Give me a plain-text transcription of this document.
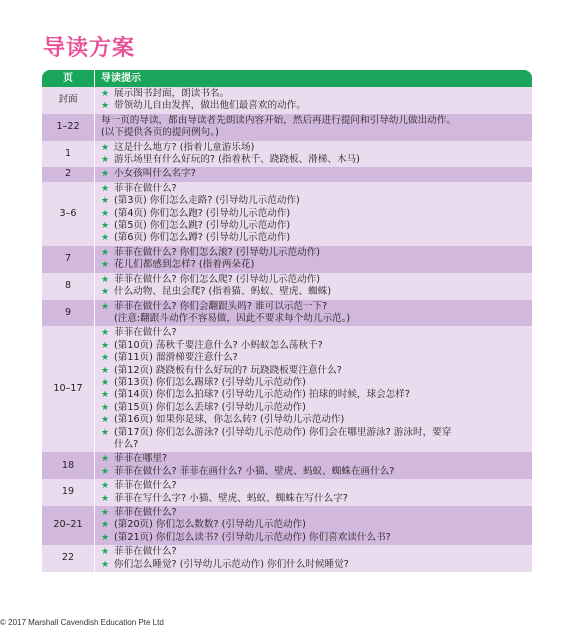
导读方案
页	导读提示
封面
★ 展示图书封面，朗读书名。
★ 带领幼儿自由发挥，做出他们最喜欢的动作。
1–22
每一页的导读，都由导读者先朗读内容开始，然后再进行提问和引导幼儿做出动作。
(以下提供各页的提问例句。)
1
★ 这是什么地方? (指着儿童游乐场)
★ 游乐场里有什么好玩的? (指着秋千、跷跷板、滑梯、木马)
2	★ 小女孩叫什么名字?
3–6
★ 菲菲在做什么?
★ (第3页) 你们怎么走路? (引导幼儿示范动作)
★ (第4页) 你们怎么跑? (引导幼儿示范动作)
★ (第5页) 你们怎么跳? (引导幼儿示范动作)
★ (第6页) 你们怎么蹲? (引导幼儿示范动作)
7
★ 菲菲在做什么? 你们怎么滚? (引导幼儿示范动作)
★ 花儿们都感到怎样? (指着两朵花)
8
★ 菲菲在做什么? 你们怎么爬? (引导幼儿示范动作)
★ 什么动物、昆虫会爬? (指着猫、蚂蚁、壁虎、蜘蛛)
9
★ 菲菲在做什么? 你们会翻跟头吗? 谁可以示范一下?
(注意:翻跟斗动作不容易做，因此不要求每个幼儿示范。)
10–17
★ 菲菲在做什么?
★ (第10页) 荡秋千要注意什么? 小蚂蚁怎么荡秋千?
★ (第11页) 溜滑梯要注意什么?
★ (第12页) 跷跷板有什么好玩的? 玩跷跷板要注意什么?
★ (第13页) 你们怎么踢球? (引导幼儿示范动作)
★ (第14页) 你们怎么拍球? (引导幼儿示范动作) 拍球的时候，球会怎样?
★ (第15页) 你们怎么丢球? (引导幼儿示范动作)
★ (第16页) 如果你是球，你怎么转? (引导幼儿示范动作)
★ (第17页) 你们怎么游泳? (引导幼儿示范动作) 你们会在哪里游泳? 游泳时，要穿
什么?
18
★ 菲菲在哪里?
★ 菲菲在做什么? 菲菲在画什么? 小猫、壁虎、蚂蚁、蜘蛛在画什么?
19
★ 菲菲在做什么?
★ 菲菲在写什么字? 小猫、壁虎、蚂蚁、蜘蛛在写什么字?
20–21
★ 菲菲在做什么?
★ (第20页) 你们怎么数数? (引导幼儿示范动作)
★ (第21页) 你们怎么读书? (引导幼儿示范动作) 你们喜欢读什么书?
22
★ 菲菲在做什么?
★ 你们怎么睡觉? (引导幼儿示范动作) 你们什么时候睡觉?
© 2017 Marshall Cavendish Education Pte Ltd
